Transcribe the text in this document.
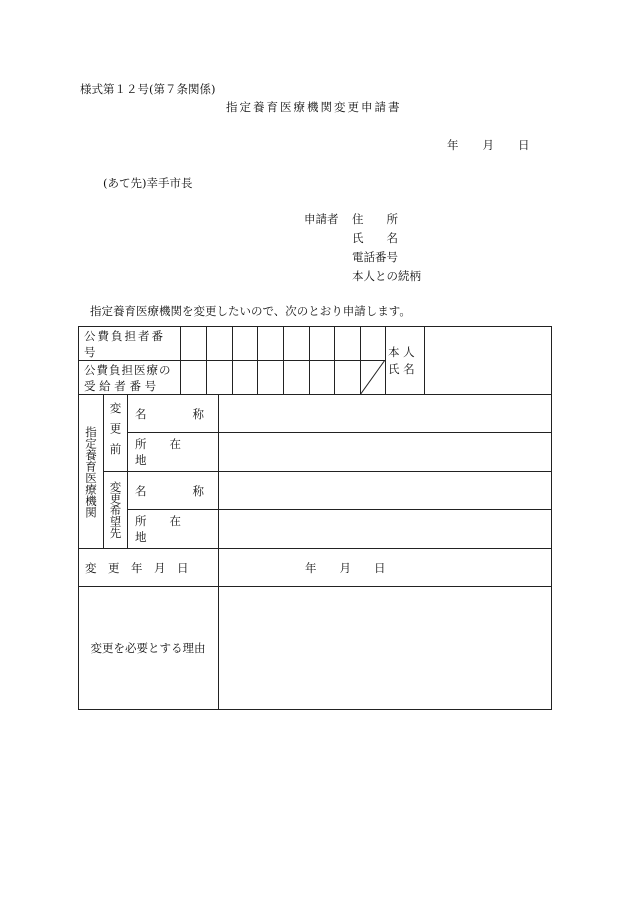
様式第１２号(第７条関係)
指定養育医療機関変更申請書
年 月 日
(あて先)幸手市長
申請者 住　　所
氏　　名
電話番号
本人との続柄
指定養育医療機関を変更したいので、次のとおり申請します。
公費負担者番号
公費負担医療の
受 給 者 番 号
本 人
氏 名
指定養育医療機関 変更前
変更希望先
名　　　　称
所　　在　　地
名　　　　称
所　　在　　地
変　更　年　月　日	年　　月　　日
変更を必要とする理由
